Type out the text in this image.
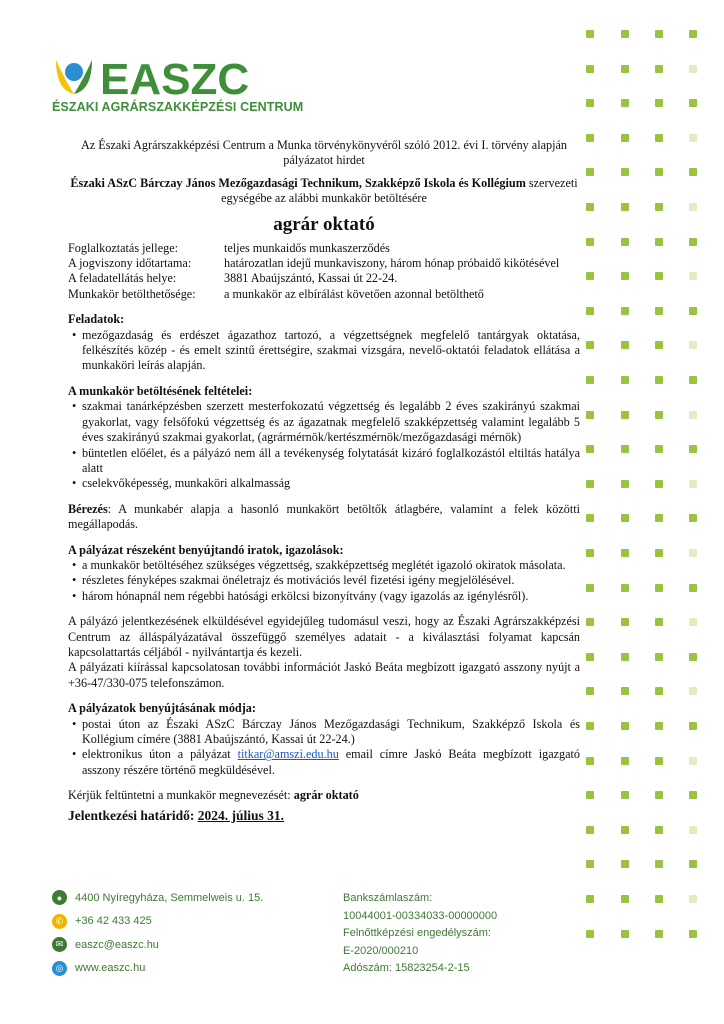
EASZC
ÉSZAKI AGRÁRSZAKKÉPZÉSI CENTRUM
Az Északi Agrárszakképzési Centrum a Munka törvénykönyvéről szóló 2012. évi I. törvény alapján pályázatot hirdet
Északi ASzC Bárczay János Mezőgazdasági Technikum, Szakképző Iskola és Kollégium szervezeti egységébe az alábbi munkakör betöltésére
agrár oktató
Foglalkoztatás jellege:	teljes munkaidős munkaszerződés
A jogviszony időtartama:	határozatlan idejű munkaviszony, három hónap próbaidő kikötésével
A feladatellátás helye:	3881 Abaújszántó, Kassai út 22-24.
Munkakör betölthetősége:	a munkakör az elbírálást követően azonnal betölthető
Feladatok:
• mezőgazdaság és erdészet ágazathoz tartozó, a végzettségnek megfelelő tantárgyak oktatása, felkészítés közép - és emelt szintű érettségire, szakmai vizsgára, nevelő-oktatói feladatok ellátása a munkaköri leírás alapján.
A munkakör betöltésének feltételei:
• szakmai tanárképzésben szerzett mesterfokozatú végzettség és legalább 2 éves szakirányú szakmai gyakorlat, vagy felsőfokú végzettség és az ágazatnak megfelelő szakképzettség valamint legalább 5 éves szakirányú szakmai gyakorlat, (agrármérnök/kertészmérnök/mezőgazdasági mérnök)
• büntetlen előélet, és a pályázó nem áll a tevékenység folytatását kizáró foglalkozástól eltiltás hatálya alatt
• cselekvőképesség, munkaköri alkalmasság
Bérezés: A munkabér alapja a hasonló munkakört betöltők átlagbére, valamint a felek közötti megállapodás.
A pályázat részeként benyújtandó iratok, igazolások:
• a munkakör betöltéséhez szükséges végzettség, szakképzettség meglétét igazoló okiratok másolata.
• részletes fényképes szakmai önéletrajz és motivációs levél fizetési igény megjelölésével.
• három hónapnál nem régebbi hatósági erkölcsi bizonyítvány (vagy igazolás az igénylésről).
A pályázó jelentkezésének elküldésével egyidejűleg tudomásul veszi, hogy az Északi Agrárszakképzési Centrum az álláspályázatával összefüggő személyes adatait - a kiválasztási folyamat kapcsán kapcsolattartás céljából - nyilvántartja és kezeli.
A pályázati kiírással kapcsolatosan további információt Jaskó Beáta megbízott igazgató asszony nyújt a +36-47/330-075 telefonszámon.
A pályázatok benyújtásának módja:
• postai úton az Északi ASzC Bárczay János Mezőgazdasági Technikum, Szakképző Iskola és Kollégium címére (3881 Abaújszántó, Kassai út 22-24.)
• elektronikus úton a pályázat titkar@amszi.edu.hu email címre Jaskó Beáta megbízott igazgató asszony részére történő megküldésével.
Kérjük feltüntetni a munkakör megnevezését: agrár oktató
Jelentkezési határidő: 2024. július 31.
●	4400 Nyíregyháza, Semmelweis u. 15.
✆	+36 42 433 425
✉	easzc@easzc.hu
◎	www.easzc.hu
Bankszámlaszám:
10044001-00334033-00000000
Felnőttképzési engedélyszám:
E-2020/000210
Adószám: 15823254-2-15
